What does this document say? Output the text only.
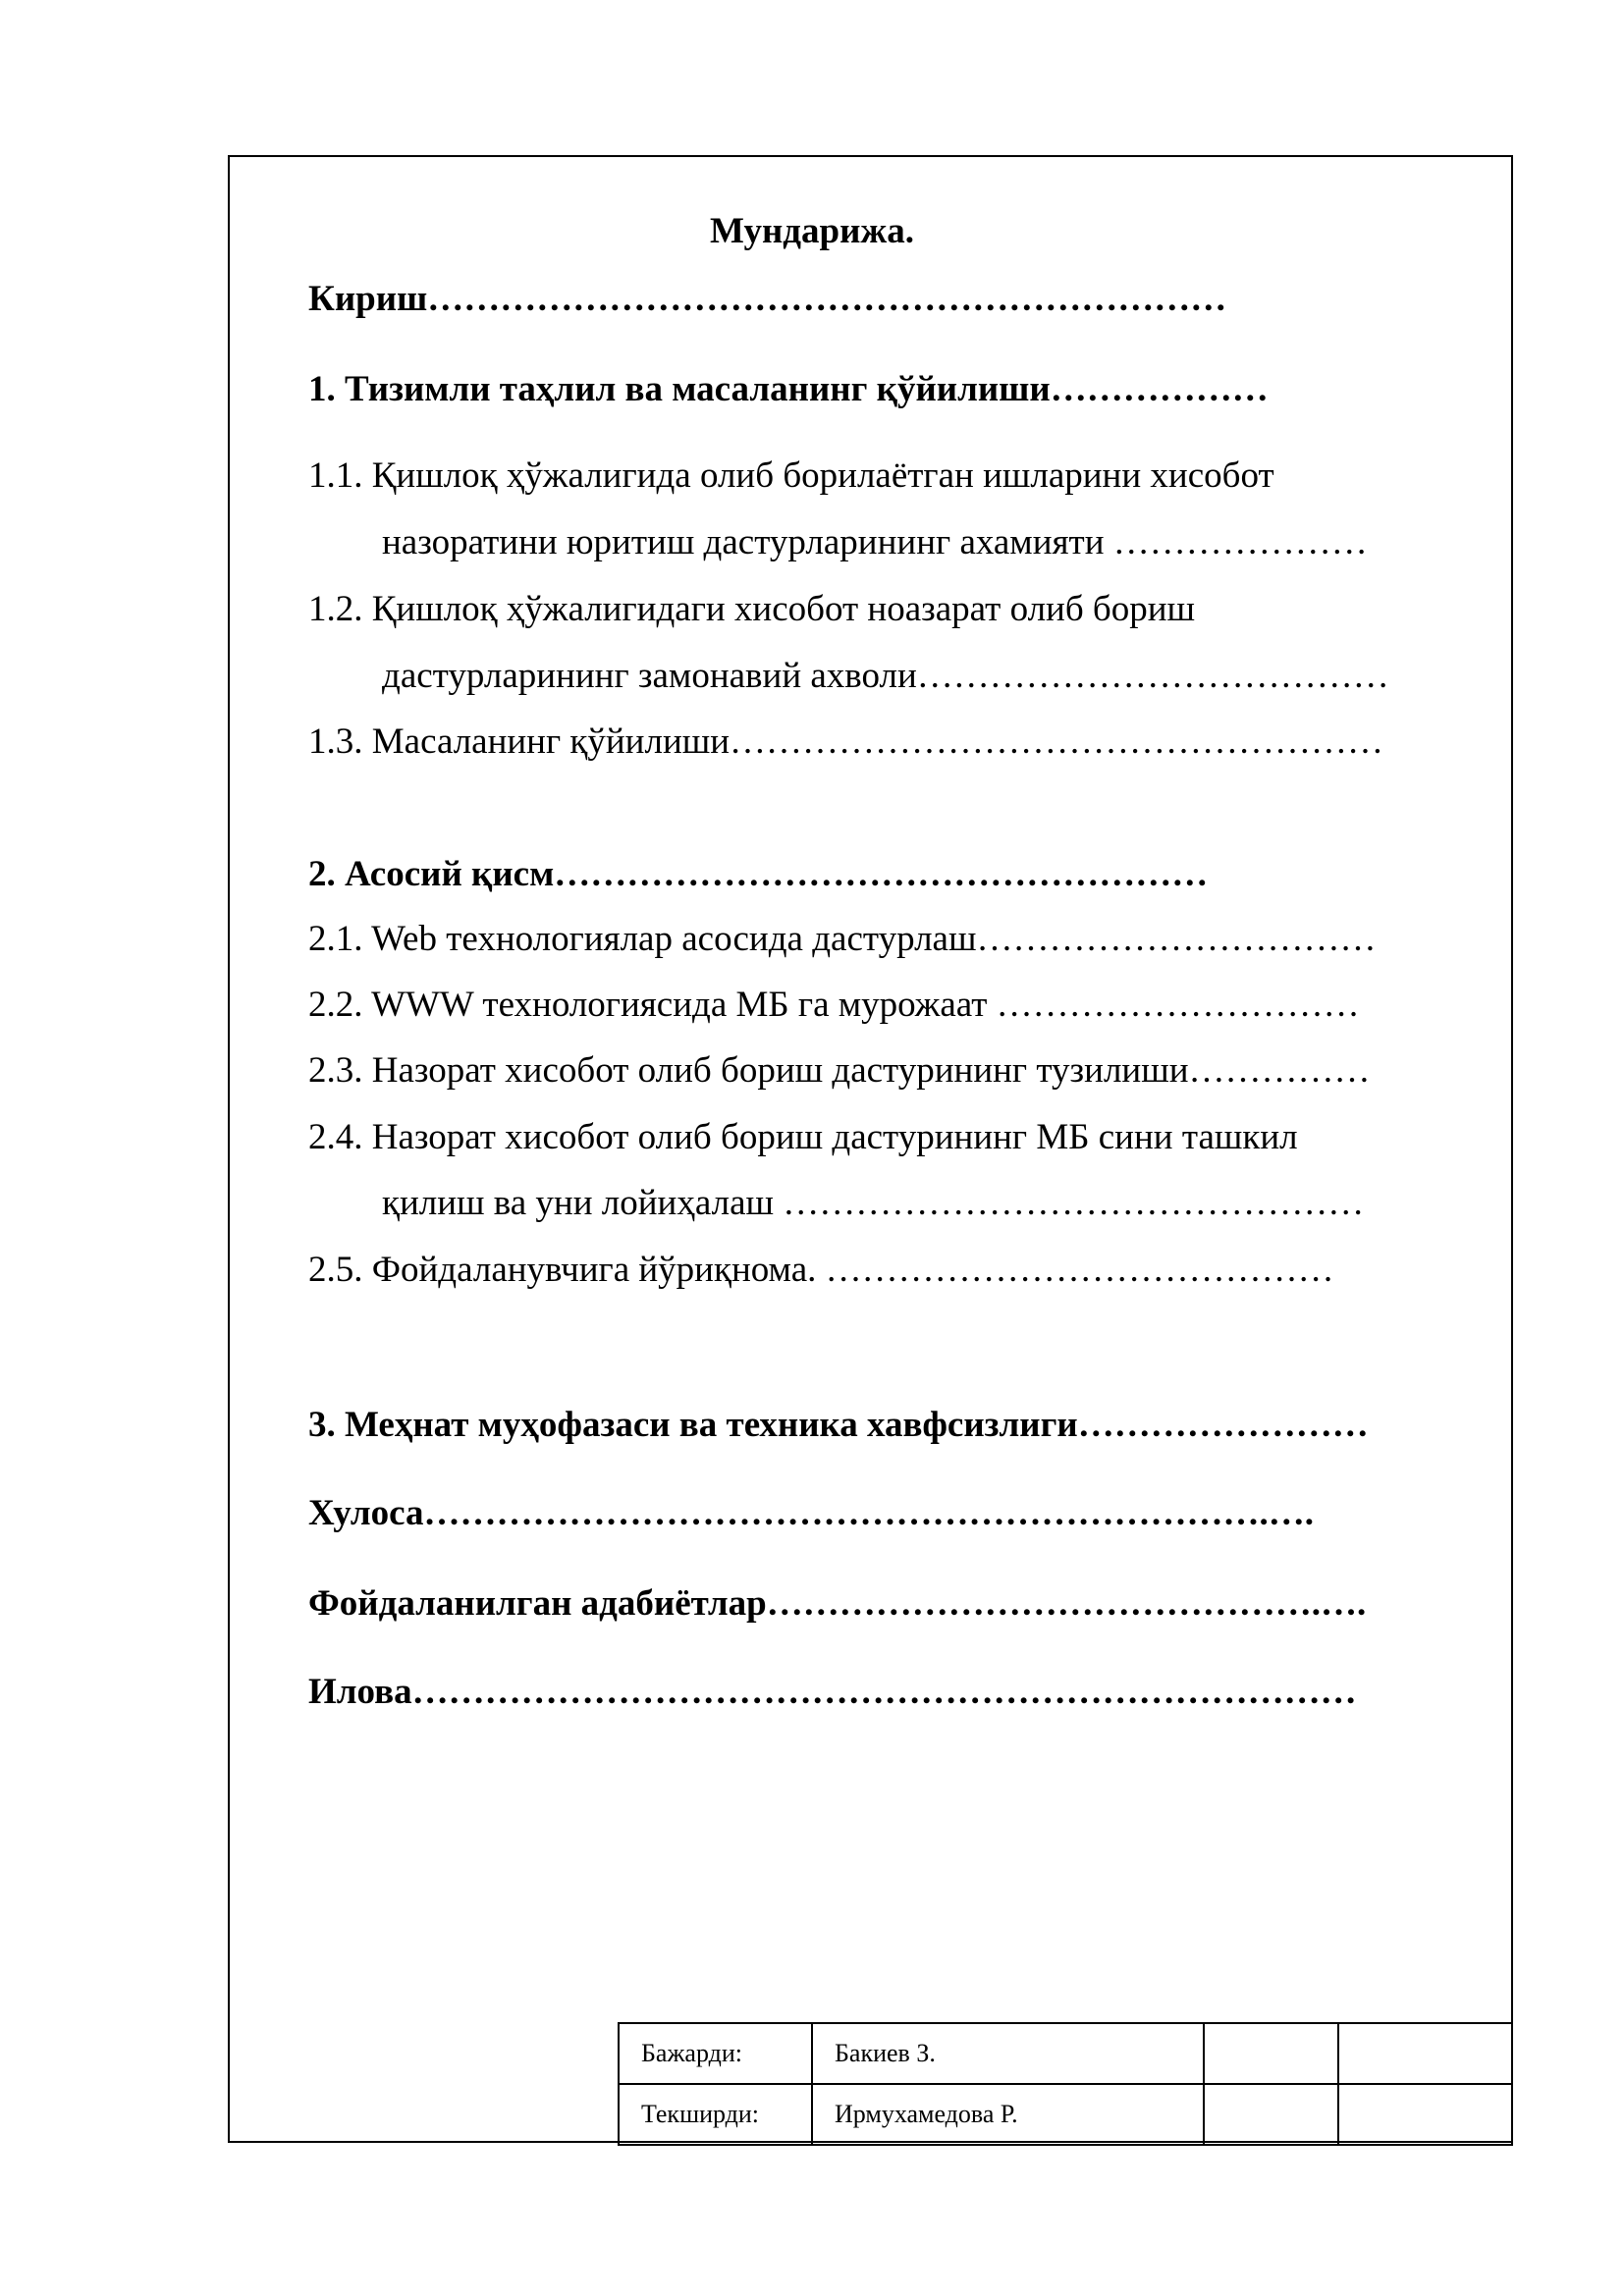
Мундарижа.
Кириш…………………………………………………………
1. Тизимли таҳлил ва масаланинг қўйилиши………………
1.1. Қишлоқ ҳўжалигида олиб борилаётган ишларини хисобот
назоратини юритиш дастурларининг ахамияти …………………
1.2. Қишлоқ ҳўжалигидаги хисобот ноазарат олиб бориш
дастурларининг замонавий ахволи…………………………………
1.3. Масаланинг қўйилиши………………………………………………
2. Асосий қисм………………………………………………
2.1. Web технологиялар асосида дастурлаш……………………………
2.2. WWW технологиясида МБ га мурожаат …………………………
2.3. Назорат хисобот олиб бориш дастурининг тузилиши……………
2.4. Назорат хисобот олиб бориш дастурининг МБ сини ташкил
қилиш ва уни лойиҳалаш …………………………………………
2.5. Фойдаланувчига йўриқнома. ……………………………………
3. Меҳнат муҳофазаси ва техника хавфсизлиги……………………
Хулоса…………………………………………………………….….
Фойдаланилган адабиётлар……………………………………….….
Илова……………………………………………………………………
Бажарди:	Бакиев З.		
Текширди:	Ирмухамедова Р.		
